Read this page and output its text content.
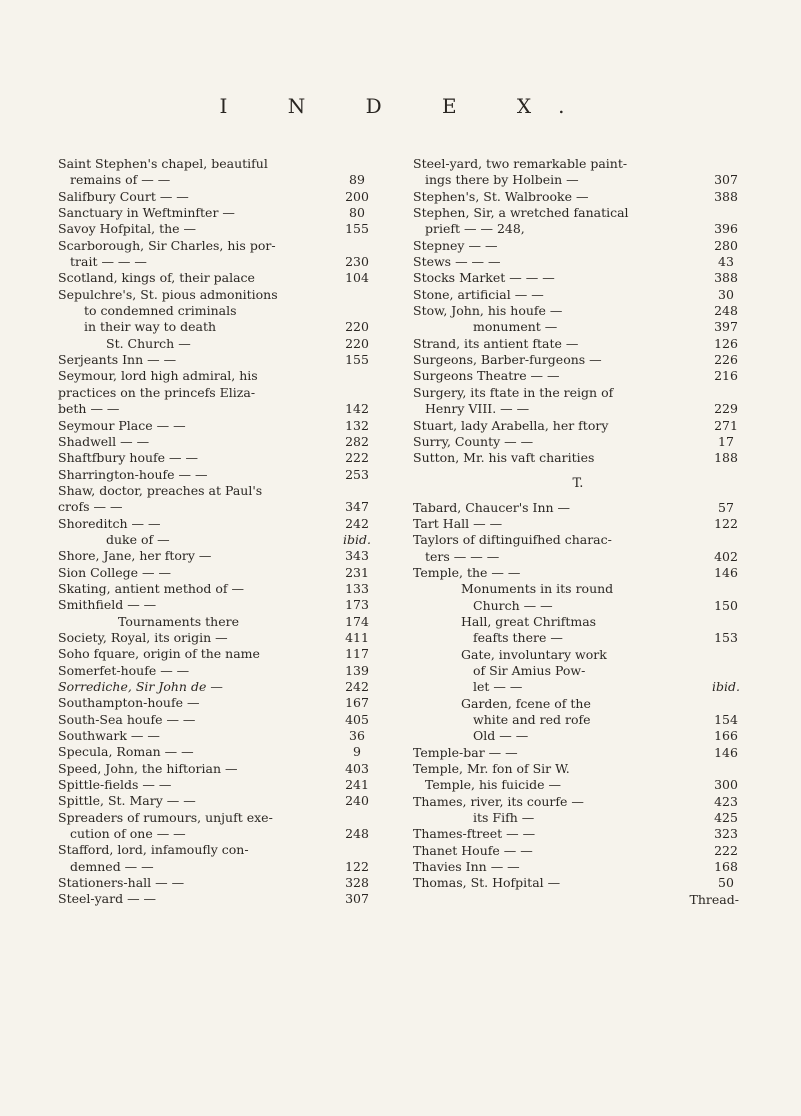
I N D E X.
Saint Stephen's chapel, beautiful
remains of — —	89
Salifbury Court — —	200
Sanctuary in Weftminfter —	80
Savoy Hofpital, the —	155
Scarborough, Sir Charles, his por-
trait — — —	230
Scotland, kings of, their palace	104
Sepulchre's, St. pious admonitions
to condemned criminals
in their way to death	220
St. Church —	220
Serjeants Inn — —	155
Seymour, lord high admiral, his
practices on the princefs Eliza-
beth — —	142
Seymour Place — —	132
Shadwell — —	282
Shaftfbury houfe — —	222
Sharrington-houfe — —	253
Shaw, doctor, preaches at Paul's
crofs — —	347
Shoreditch — —	242
duke of —	ibid.
Shore, Jane, her ftory —	343
Sion College — —	231
Skating, antient method of —	133
Smithfield — —	173
Tournaments there	174
Society, Royal, its origin —	411
Soho fquare, origin of the name	117
Somerfet-houfe — —	139
Sorrediche, Sir John de —	242
Southampton-houfe —	167
South-Sea houfe — —	405
Southwark — —	36
Specula, Roman — —	9
Speed, John, the hiftorian —	403
Spittle-fields — —	241
Spittle, St. Mary — —	240
Spreaders of rumours, unjuft exe-
cution of one — —	248
Stafford, lord, infamoufly con-
demned — —	122
Stationers-hall — —	328
Steel-yard — —	307
Steel-yard, two remarkable paint-
ings there by Holbein —	307
Stephen's, St. Walbrooke —	388
Stephen, Sir, a wretched fanatical
prieft — — 248,	396
Stepney — —	280
Stews — — —	43
Stocks Market — — —	388
Stone, artificial — —	30
Stow, John, his houfe —	248
monument —	397
Strand, its antient ftate —	126
Surgeons, Barber-furgeons —	226
Surgeons Theatre — —	216
Surgery, its ftate in the reign of
Henry VIII. — —	229
Stuart, lady Arabella, her ftory	271
Surry, County — —	17
Sutton, Mr. his vaft charities	188
T.
Tabard, Chaucer's Inn —	57
Tart Hall — —	122
Taylors of diftinguifhed charac-
ters — — —	402
Temple, the — —	146
Monuments in its round
Church — —	150
Hall, great Chriftmas
feafts there —	153
Gate, involuntary work
of Sir Amius Pow-
let — —	ibid.
Garden, fcene of the
white and red rofe	154
Old — —	166
Temple-bar — —	146
Temple, Mr. fon of Sir W.
Temple, his fuicide —	300
Thames, river, its courfe —	423
its Fifh —	425
Thames-ftreet — —	323
Thanet Houfe — —	222
Thavies Inn — —	168
Thomas, St. Hofpital —	50
Thread-
